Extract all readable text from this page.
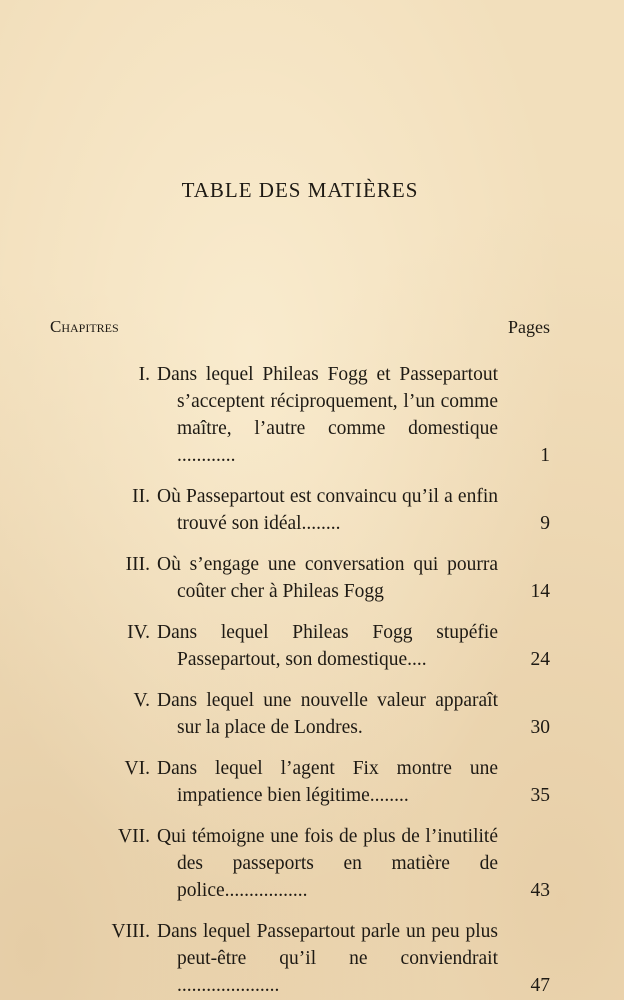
TABLE DES MATIÈRES
Chapitres	Pages
I. Dans lequel Phileas Fogg et Passepartout s’acceptent réciproquement, l’un comme maître, l’autre comme domestique ............	1
II. Où Passepartout est convaincu qu’il a enfin trouvé son idéal........	9
III. Où s’engage une conversation qui pourra coûter cher à Phileas Fogg	14
IV. Dans lequel Phileas Fogg stupéfie Passepartout, son domestique....	24
V. Dans lequel une nouvelle valeur apparaît sur la place de Londres.	30
VI. Dans lequel l’agent Fix montre une impatience bien légitime........	35
VII. Qui témoigne une fois de plus de l’inutilité des passeports en matière de police.................	43
VIII. Dans lequel Passepartout parle un peu plus peut-être qu’il ne conviendrait .....................	47
